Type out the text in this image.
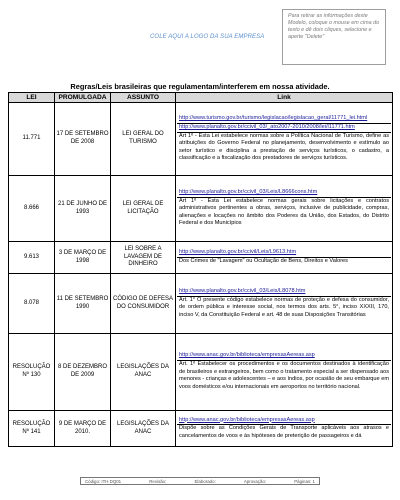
COLE AQUI A LOGO DA SUA EMPRESA
Para retirar as informações deste Modelo, coloque o mouse em cima do texto e dê dois cliques, selecione e aperte "Delete"
Regras/Leis brasileiras que regulamentam/interferem em nossa atividade.
LEI	PROMULGADA	ASSUNTO	Link
11.771	17 DE SETEMBRO DE 2008	LEI GERAL DO TURISMO	http://www.turismo.gov.br/turismo/legislacao/legislacao_geral/11771_lei.html
http://www.planalto.gov.br/ccivil_03/_ato2007-2010/2008/lei/l11771.htm
Art 1º - Esta Lei estabelece normas sobre a Política Nacional de Turismo, define as atribuições do Governo Federal no planejamento, desenvolvimento e estímulo ao setor turístico e disciplina a prestação de serviços turísticos, o cadastro, a classificação e a fiscalização dos prestadores de serviços turísticos.

8.666	21 DE JUNHO DE 1993	LEI GERAL DE LICITAÇÃO	http://www.planalto.gov.br/ccivil_03/Leis/L8666cons.htm
Art 1º - Esta Lei estabelece normas gerais sobre licitações e contratos administrativos pertinentes a obras, serviços, inclusive de publicidade, compras, alienações e locações no âmbito dos Poderes da União, dos Estados, do Distrito Federal e dos Municípios

9.613	3 DE MARÇO DE 1998	LEI SOBRE A LAVAGEM DE DINHEIRO	http://www.planalto.gov.br/ccivil/Leis/L9613.htm
Dos Crimes de "Lavagem" ou Ocultação de Bens, Direitos e Valores

8.078	11 DE SETEMBRO 1990	CÓDIGO DE DEFESA DO CONSUMIDOR	http://www.planalto.gov.br/ccivil_03/Leis/L8078.htm
Art. 1° O presente código estabelece normas de proteção e defesa do consumidor, de ordem pública e interesse social, nos termos dos arts. 5°, inciso XXXII, 170, inciso V, da Constituição Federal e art. 48 de suas Disposições Transitórias

RESOLUÇÃO Nº 130	8 DE DEZEMBRO DE 2009	LEGISLAÇÕES DA ANAC	http://www.anac.gov.br/biblioteca/empresasAereas.asp
Art. 1º Estabelecer os procedimentos e os documentos destinados à identificação de brasileiros e estrangeiros, bem como o tratamento especial a ser dispensado aos menores - crianças e adolescentes – e aos índios, por ocasião de seu embarque em voos domésticos e/ou internacionais em aeroportos no território nacional.

RESOLUÇÃO Nº 141	9 DE MARÇO DE 2010.	LEGISLAÇÕES DA ANAC	http://www.anac.gov.br/biblioteca/empresasAereas.asp
Dispõe sobre as Condições Gerais de Transporte aplicáveis aos atrasos e cancelamentos de voos e às hipóteses de preterição de passageiros e dá
Código: ITH DQ01	Revisão:	Elaborado:	Aprovação:	Páginas: 1
